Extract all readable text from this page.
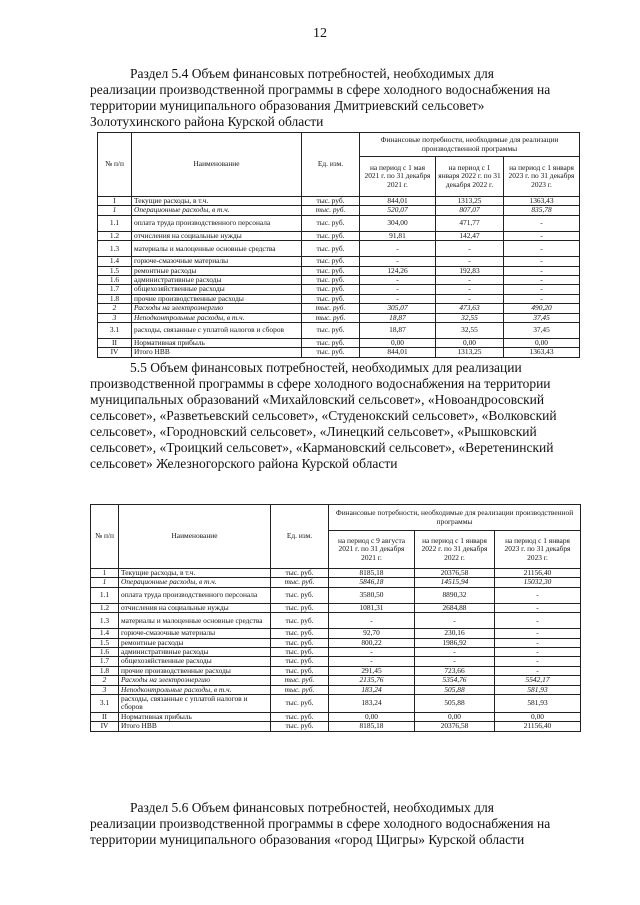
12
Раздел 5.4 Объем финансовых потребностей, необходимых для
реализации производственной программы в сфере холодного водоснабжения на
территории муниципального образования Дмитриевский сельсовет»
Золотухинского района Курской области
№ п/п	Наименование	Ед. изм.	Финансовые потребности, необходимые для реализации производственной программы		
			на период с 1 мая 2021 г. по 31 декабря 2021 г.	на период с 1 января 2022 г. по 31 декабря 2022 г.	на период с 1 января 2023 г. по 31 декабря 2023 г.
I	Текущие расходы, в т.ч.	тыс. руб.	844,01	1313,25	1363,43
1	Операционные расходы, в т.ч.	тыс. руб.	520,07	807,07	835,78
1.1	оплата труда производственного персонала	тыс. руб.	304,00	471,77	-
1.2	отчисления на социальные нужды	тыс. руб.	91,81	142,47	-
1.3	материалы и малоценные основные средства	тыс. руб.	-	-	-
1.4	горюче-смазочные материалы	тыс. руб.	-	-	-
1.5	ремонтные расходы	тыс. руб.	124,26	192,83	-
1.6	административные расходы	тыс. руб.	-	-	-
1.7	общехозяйственные расходы	тыс. руб.	-	-	-
1.8	прочие производственные расходы	тыс. руб.	-	-	-
2	Расходы на электроэнергию	тыс. руб.	305,07	473,63	490,20
3	Неподконтрольные расходы, в т.ч.	тыс. руб.	18,87	32,55	37,45
3.1	расходы, связанные с уплатой налогов и сборов	тыс. руб.	18,87	32,55	37,45
II	Нормативная прибыль	тыс. руб.	0,00	0,00	0,00
IV	Итого НВВ	тыс. руб.	844,01	1313,25	1363,43
5.5 Объем финансовых потребностей, необходимых для реализации
производственной программы в сфере холодного водоснабжения на территории
муниципальных образований «Михайловский сельсовет», «Новоандросовский
сельсовет», «Разветьевский сельсовет», «Студенокский сельсовет», «Волковский
сельсовет», «Городновский сельсовет», «Линецкий сельсовет», «Рышковский
сельсовет», «Троицкий сельсовет», «Кармановский сельсовет», «Веретенинский
сельсовет» Железногорского района Курской области
№ п/п	Наименование	Ед. изм.	Финансовые потребности, необходимые для реализации производственной программы		
			на период с 9 августа 2021 г. по 31 декабря 2021 г.	на период с 1 января 2022 г. по 31 декабря 2022 г.	на период с 1 января 2023 г. по 31 декабря 2023 г.
1	Текущие расходы, в т.ч.	тыс. руб.	8185,18	20376,58	21156,40
1	Операционные расходы, в т.ч.	тыс. руб.	5846,18	14515,94	15032,30
1.1	оплата труда производственного персонала	тыс. руб.	3580,50	8890,32	-
1.2	отчисления на социальные нужды	тыс. руб.	1081,31	2684,88	-
1.3	материалы и малоценные основные средства	тыс. руб.	-	-	-
1.4	горюче-смазочные материалы	тыс. руб.	92,70	230,16	-
1.5	ремонтные расходы	тыс. руб.	800,22	1986,92	-
1.6	административные расходы	тыс. руб.	-	-	-
1.7	общехозяйственные расходы	тыс. руб.	-	-	-
1.8	прочие производственные расходы	тыс. руб.	291,45	723,66	-
2	Расходы на электроэнергию	тыс. руб.	2135,76	5354,76	5542,17
3	Неподконтрольные расходы, в т.ч.	тыс. руб.	183,24	505,88	581,93
3.1	расходы, связанные с уплатой налогов и сборов	тыс. руб.	183,24	505,88	581,93
II	Нормативная прибыль	тыс. руб.	0,00	0,00	0,00
IV	Итого НВВ	тыс. руб.	8185,18	20376,58	21156,40
Раздел 5.6 Объем финансовых потребностей, необходимых для
реализации производственной программы в сфере холодного водоснабжения на
территории муниципального образования «город Щигры» Курской области
